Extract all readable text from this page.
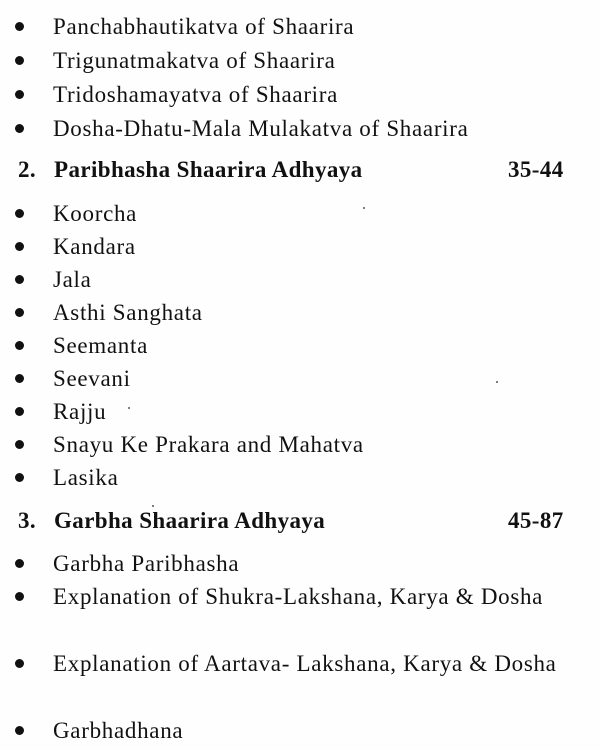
Panchabhautikatva of Shaarira
Trigunatmakatva of Shaarira
Tridoshamayatva of Shaarira
Dosha-Dhatu-Mala Mulakatva of Shaarira
2. Paribhasha Shaarira Adhyaya	35-44
Koorcha
Kandara
Jala
Asthi Sanghata
Seemanta
Seevani
Rajju
Snayu Ke Prakara and Mahatva
Lasika
3. Garbha Shaarira Adhyaya	45-87
Garbha Paribhasha
Explanation of Shukra-Lakshana, Karya & Dosha
Explanation of Aartava- Lakshana, Karya & Dosha
Garbhadhana
